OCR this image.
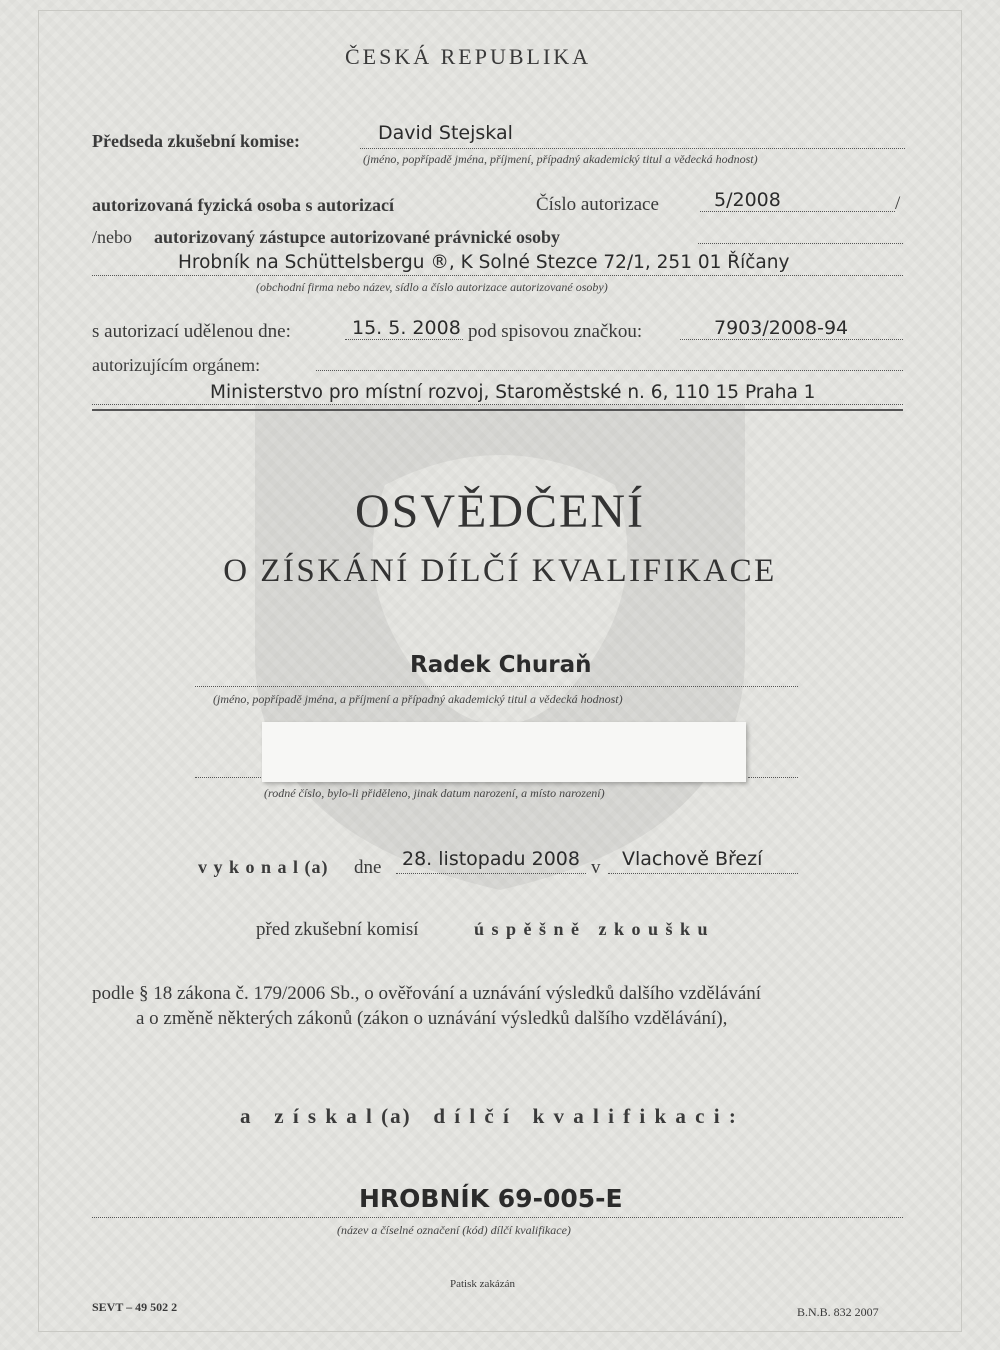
ČESKÁ REPUBLIKA
Předseda zkušební komise:	David Stejskal
(jméno, popřípadě jména, příjmení, případný akademický titul a vědecká hodnost)
autorizovaná fyzická osoba s autorizací	Číslo autorizace	5/2008	/
/nebo autorizovaný zástupce autorizované právnické osoby
Hrobník na Schüttelsbergu ®, K Solné Stezce 72/1, 251 01 Říčany
(obchodní firma nebo název, sídlo a číslo autorizace autorizované osoby)
s autorizací udělenou dne:	15. 5. 2008 pod spisovou značkou:	7903/2008-94
autorizujícím orgánem:
Ministerstvo pro místní rozvoj, Staroměstské n. 6, 110 15 Praha 1
OSVĚDČENÍ
O ZÍSKÁNÍ DÍLČÍ KVALIFIKACE
Radek Churaň
(jméno, popřípadě jména, a příjmení a případný akademický titul a vědecká hodnost)
(rodné číslo, bylo-li přiděleno, jinak datum narození, a místo narození)
v y k o n a l (a) dne 28. listopadu 2008 v Vlachově Březí
před zkušební komisí	ú s p ě š n ě   z k o u š k u
podle § 18 zákona č. 179/2006 Sb., o ověřování a uznávání výsledků dalšího vzdělávání
a o změně některých zákonů (zákon o uznávání výsledků dalšího vzdělávání),
a   z í s k a l (a)   d í l č í   k v a l i f i k a c i :
HROBNÍK 69-005-E
(název a číselné označení (kód) dílčí kvalifikace)
Patisk zakázán
SEVT – 49 502 2	B.N.B. 832 2007
